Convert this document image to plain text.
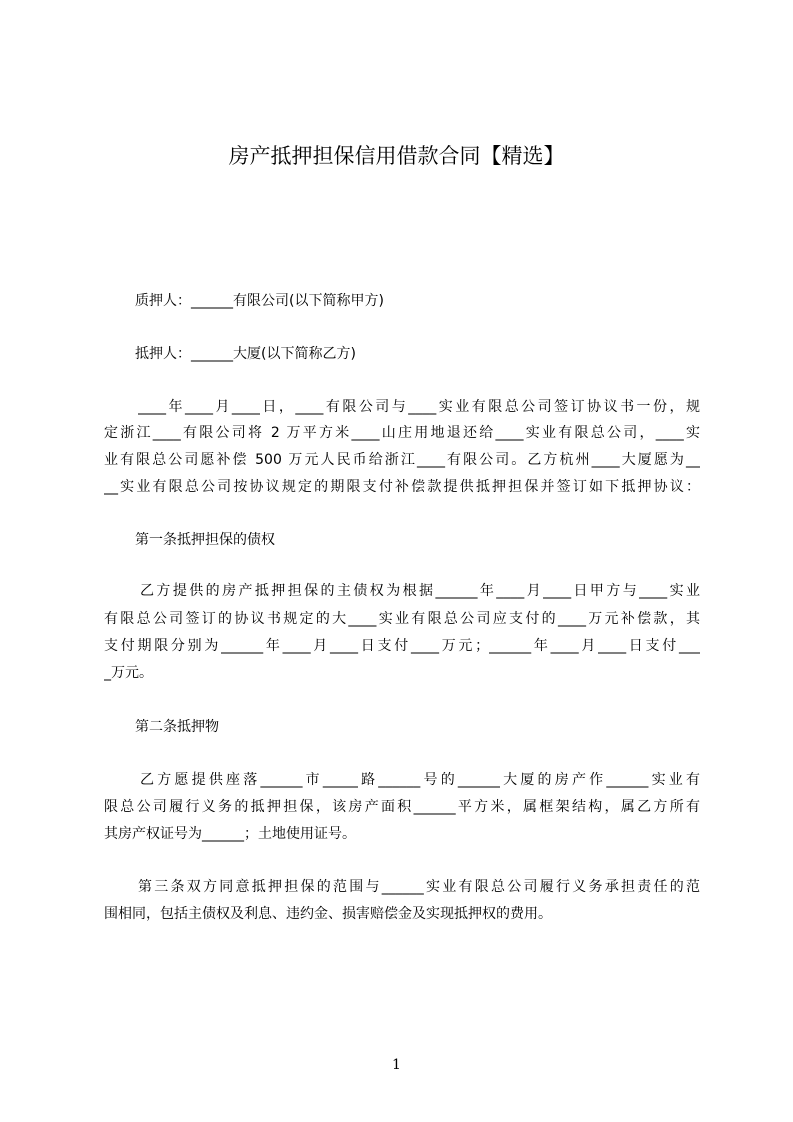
房产抵押担保信用借款合同【精选】
质押人：______有限公司(以下简称甲方)
抵押人：______大厦(以下简称乙方)
____年____月____日，____有限公司与____实业有限总公司签订协议书一份，规
定浙江____有限公司将 2 万平方米____山庄用地退还给____实业有限总公司，____实
业有限总公司愿补偿 500 万元人民币给浙江____有限公司。乙方杭州____大厦愿为__
__实业有限总公司按协议规定的期限支付补偿款提供抵押担保并签订如下抵押协议：
第一条抵押担保的债权
乙方提供的房产抵押担保的主债权为根据______年____月____日甲方与____实业
有限总公司签订的协议书规定的大____实业有限总公司应支付的____万元补偿款，其
支付期限分别为______年____月____日支付____万元；______年____月____日支付___
_万元。
第二条抵押物
乙方愿提供座落______市_____路______号的______大厦的房产作______实业有
限总公司履行义务的抵押担保，该房产面积______平方米，属框架结构，属乙方所有
其房产权证号为______；土地使用证号。
第三条双方同意抵押担保的范围与______实业有限总公司履行义务承担责任的范
围相同，包括主债权及利息、违约金、损害赔偿金及实现抵押权的费用。
1
